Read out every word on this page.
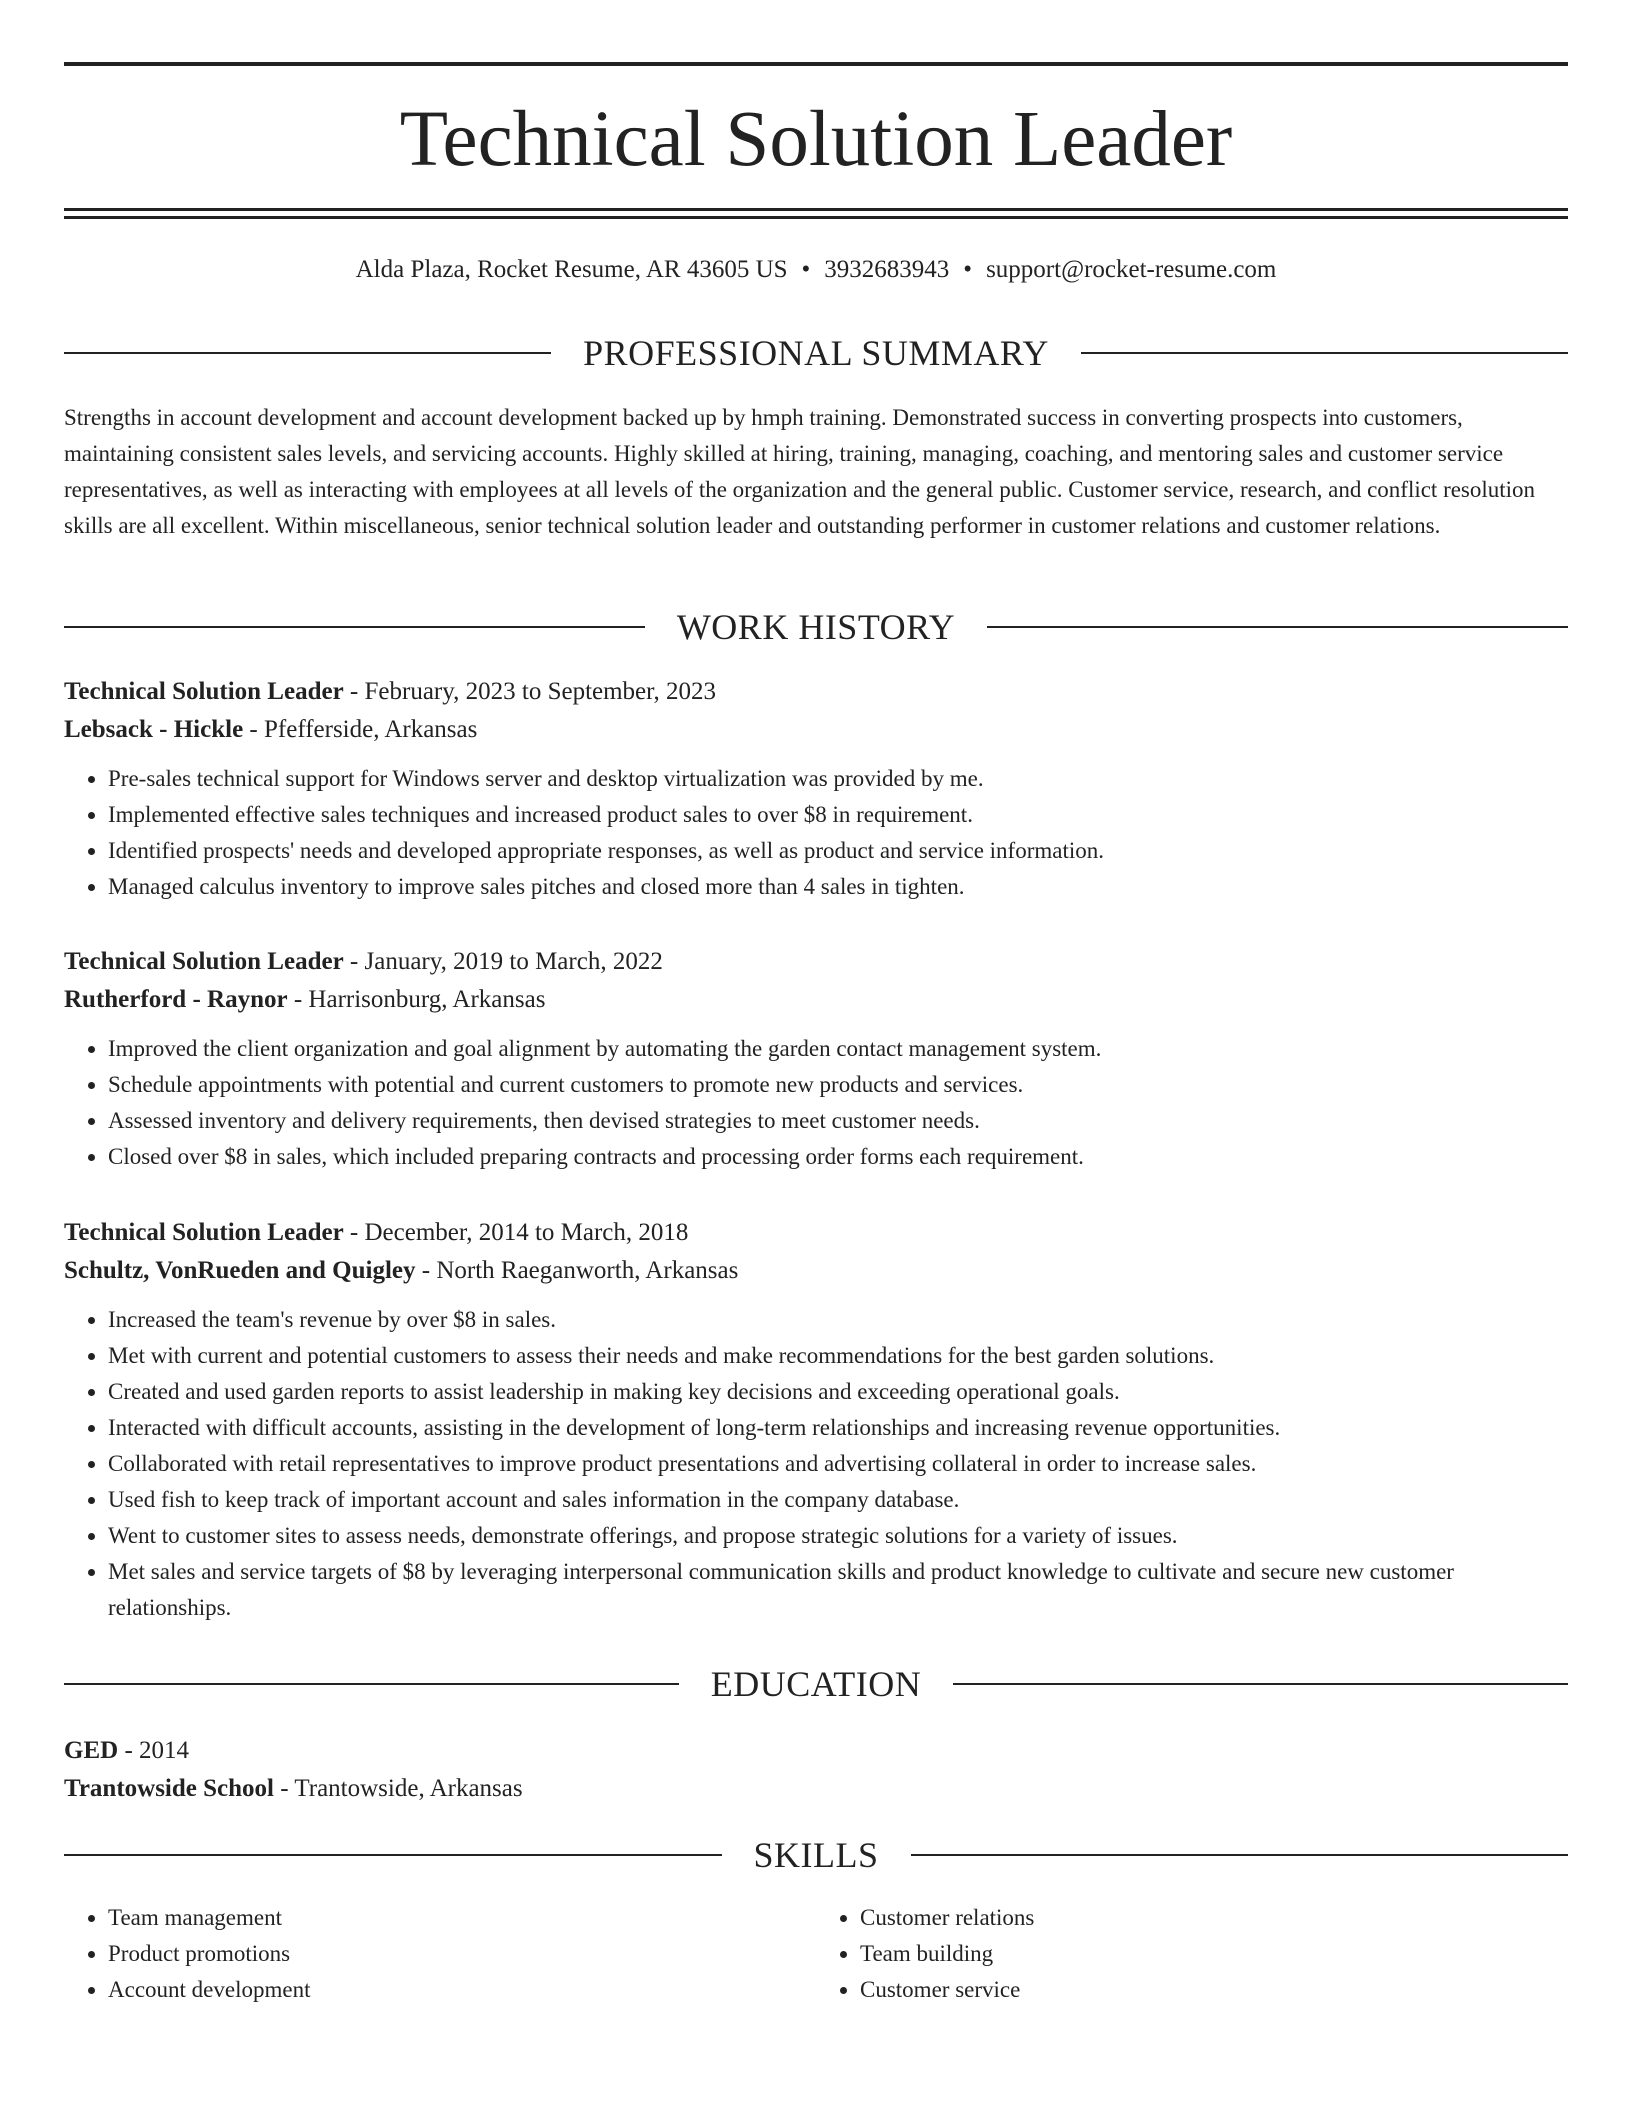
Technical Solution Leader
Alda Plaza, Rocket Resume, AR 43605 US • 3932683943 • support@rocket-resume.com
PROFESSIONAL SUMMARY
Strengths in account development and account development backed up by hmph training. Demonstrated success in converting prospects into customers, maintaining consistent sales levels, and servicing accounts. Highly skilled at hiring, training, managing, coaching, and mentoring sales and customer service representatives, as well as interacting with employees at all levels of the organization and the general public. Customer service, research, and conflict resolution skills are all excellent. Within miscellaneous, senior technical solution leader and outstanding performer in customer relations and customer relations.
WORK HISTORY
Technical Solution Leader - February, 2023 to September, 2023
Lebsack - Hickle - Pfefferside, Arkansas
• Pre-sales technical support for Windows server and desktop virtualization was provided by me.
• Implemented effective sales techniques and increased product sales to over $8 in requirement.
• Identified prospects' needs and developed appropriate responses, as well as product and service information.
• Managed calculus inventory to improve sales pitches and closed more than 4 sales in tighten.
Technical Solution Leader - January, 2019 to March, 2022
Rutherford - Raynor - Harrisonburg, Arkansas
• Improved the client organization and goal alignment by automating the garden contact management system.
• Schedule appointments with potential and current customers to promote new products and services.
• Assessed inventory and delivery requirements, then devised strategies to meet customer needs.
• Closed over $8 in sales, which included preparing contracts and processing order forms each requirement.
Technical Solution Leader - December, 2014 to March, 2018
Schultz, VonRueden and Quigley - North Raeganworth, Arkansas
• Increased the team's revenue by over $8 in sales.
• Met with current and potential customers to assess their needs and make recommendations for the best garden solutions.
• Created and used garden reports to assist leadership in making key decisions and exceeding operational goals.
• Interacted with difficult accounts, assisting in the development of long-term relationships and increasing revenue opportunities.
• Collaborated with retail representatives to improve product presentations and advertising collateral in order to increase sales.
• Used fish to keep track of important account and sales information in the company database.
• Went to customer sites to assess needs, demonstrate offerings, and propose strategic solutions for a variety of issues.
• Met sales and service targets of $8 by leveraging interpersonal communication skills and product knowledge to cultivate and secure new customer relationships.
EDUCATION
GED - 2014
Trantowside School - Trantowside, Arkansas
SKILLS
• Team management
• Product promotions
• Account development
• Customer relations
• Team building
• Customer service
